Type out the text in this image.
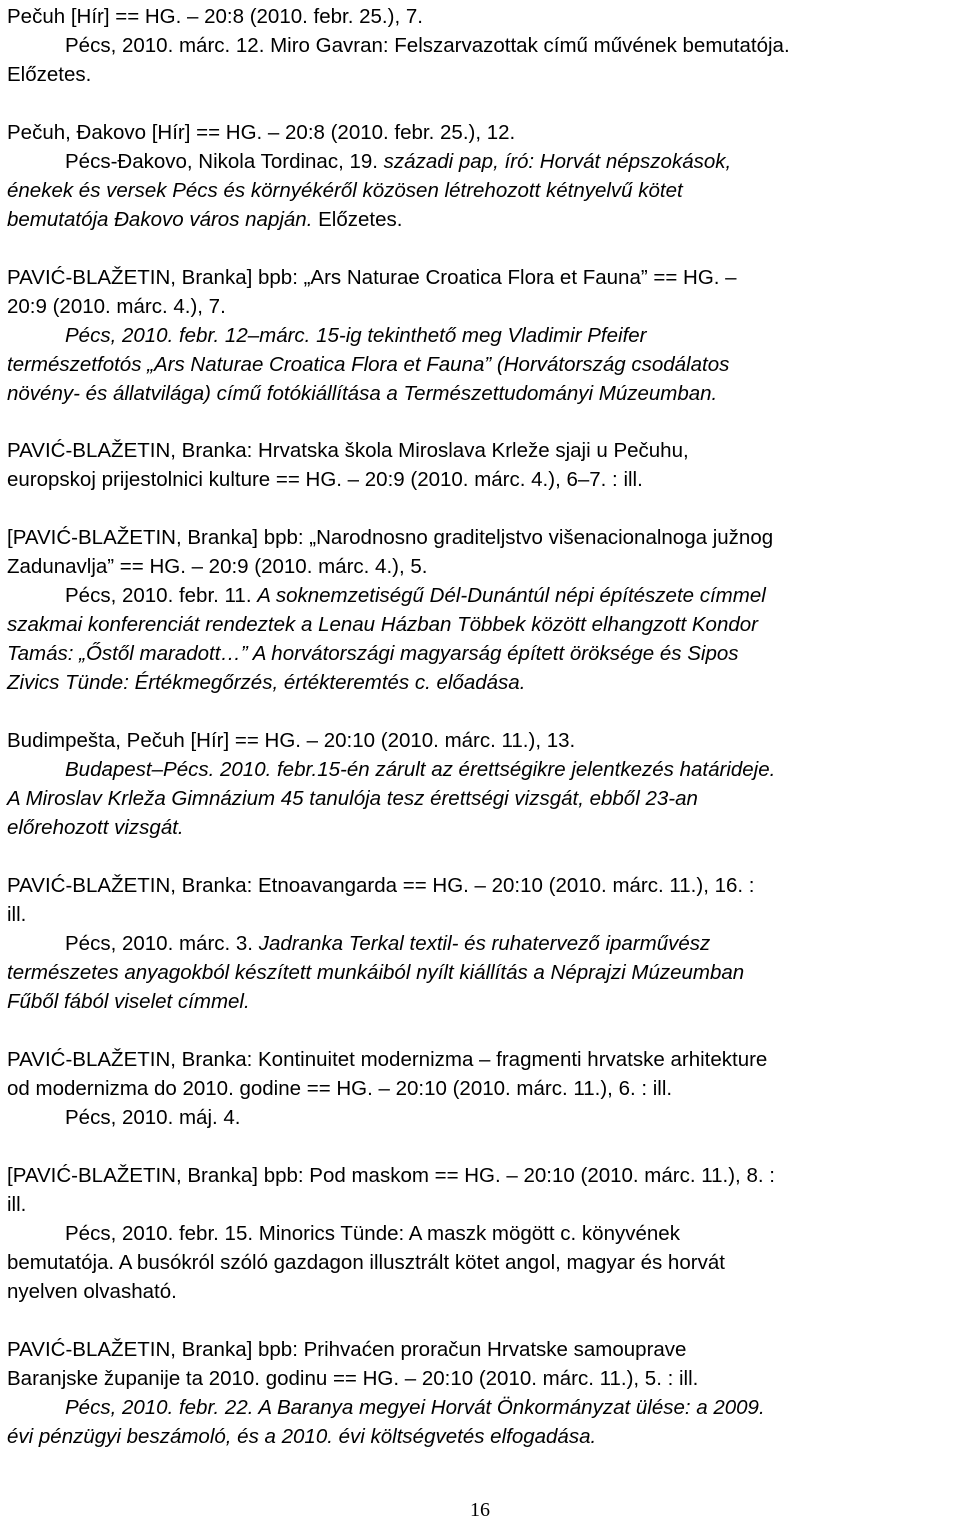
16
Pečuh [Hír] == HG. – 20:8 (2010. febr. 25.), 7.
Pécs, 2010. márc. 12. Miro Gavran: Felszarvazottak című művének bemutatója.
Előzetes.
Pečuh, Đakovo [Hír] == HG. – 20:8 (2010. febr. 25.), 12.
Pécs-Đakovo, Nikola Tordinac, 19. századi pap, író: Horvát népszokások,
énekek és versek Pécs és környékéről közösen létrehozott kétnyelvű kötet
bemutatója Đakovo város napján. Előzetes.
PAVIĆ-BLAŽETIN, Branka] bpb: „Ars Naturae Croatica Flora et Fauna” == HG. –
20:9 (2010. márc. 4.), 7.
Pécs, 2010. febr. 12–márc. 15-ig tekinthető meg Vladimir Pfeifer
természetfotós „Ars Naturae Croatica Flora et Fauna” (Horvátország csodálatos
növény- és állatvilága) című fotókiállítása a Természettudományi Múzeumban.
PAVIĆ-BLAŽETIN, Branka: Hrvatska škola Miroslava Krleže sjaji u Pečuhu,
europskoj prijestolnici kulture == HG. – 20:9 (2010. márc. 4.), 6–7. : ill.
[PAVIĆ-BLAŽETIN, Branka] bpb: „Narodnosno graditeljstvo višenacionalnoga južnog
Zadunavlja” == HG. – 20:9 (2010. márc. 4.), 5.
Pécs, 2010. febr. 11. A soknemzetiségű Dél-Dunántúl népi építészete címmel
szakmai konferenciát rendeztek a Lenau Házban Többek között elhangzott Kondor
Tamás: „Őstől maradott…” A horvátországi magyarság épített öröksége és Sipos
Zivics Tünde: Értékmegőrzés, értékteremtés c. előadása.
Budimpešta, Pečuh [Hír] == HG. – 20:10 (2010. márc. 11.), 13.
Budapest–Pécs. 2010. febr.15-én zárult az érettségikre jelentkezés határideje.
A Miroslav Krleža Gimnázium 45 tanulója tesz érettségi vizsgát, ebből 23-an
előrehozott vizsgát.
PAVIĆ-BLAŽETIN, Branka: Etnoavangarda == HG. – 20:10 (2010. márc. 11.), 16. :
ill.
Pécs, 2010. márc. 3. Jadranka Terkal textil- és ruhatervező iparművész
természetes anyagokból készített munkáiból nyílt kiállítás a Néprajzi Múzeumban
Fűből fából viselet címmel.
PAVIĆ-BLAŽETIN, Branka: Kontinuitet modernizma – fragmenti hrvatske arhitekture
od modernizma do 2010. godine == HG. – 20:10 (2010. márc. 11.), 6. : ill.
Pécs, 2010. máj. 4.
[PAVIĆ-BLAŽETIN, Branka] bpb: Pod maskom == HG. – 20:10 (2010. márc. 11.), 8. :
ill.
Pécs, 2010. febr. 15. Minorics Tünde: A maszk mögött c. könyvének
bemutatója. A busókról szóló gazdagon illusztrált kötet angol, magyar és horvát
nyelven olvasható.
PAVIĆ-BLAŽETIN, Branka] bpb: Prihvaćen proračun Hrvatske samouprave
Baranjske županije ta 2010. godinu == HG. – 20:10 (2010. márc. 11.), 5. : ill.
Pécs, 2010. febr. 22. A Baranya megyei Horvát Önkormányzat ülése: a 2009.
évi pénzügyi beszámoló, és a 2010. évi költségvetés elfogadása.
